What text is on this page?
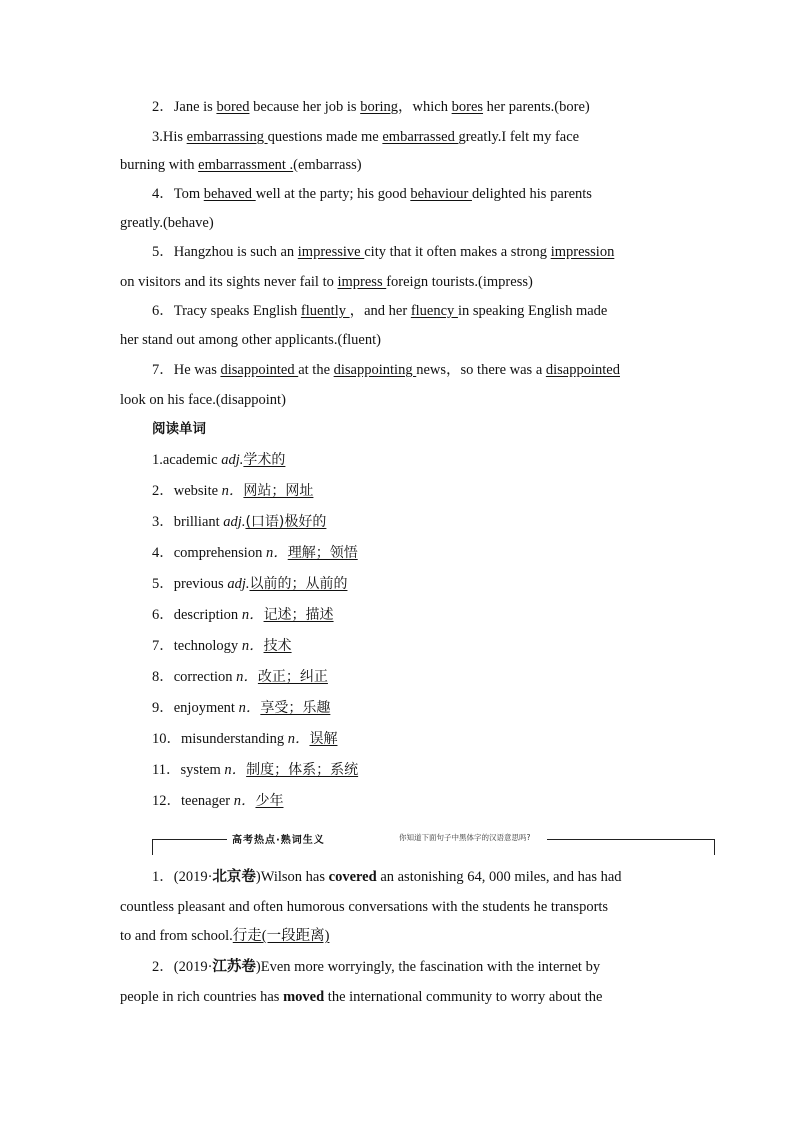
2．Jane is bored because her job is boring，which bores her parents.(bore)
3.His embarrassing questions made me embarrassed greatly.I felt my face
burning with embarrassment .(embarrass)
4．Tom behaved well at the party; his good behaviour delighted his parents
greatly.(behave)
5．Hangzhou is such an impressive city that it often makes a strong impression
on visitors and its sights never fail to impress foreign tourists.(impress)
6．Tracy speaks English fluently ，and her fluency in speaking English made
her stand out among other applicants.(fluent)
7．He was disappointed at the disappointing news，so there was a disappointed
look on his face.(disappoint)
阅读单词
1.academic adj.学术的
2．website n．网站；网址
3．brilliant adj.(口语)极好的
4．comprehension n．理解；领悟
5．previous adj.以前的；从前的
6．description n．记述；描述
7．technology n．技术
8．correction n．改正；纠正
9．enjoyment n．享受；乐趣
10．misunderstanding n．误解
11．system n．制度；体系；系统
12．teenager n．少年
高考热点·熟词生义	你知道下面句子中黑体字的汉语意思吗?
1．(2019·北京卷)Wilson has covered an astonishing 64, 000 miles, and has had
countless pleasant and often humorous conversations with the students he transports
to and from school.行走(一段距离)
2．(2019·江苏卷)Even more worryingly, the fascination with the internet by
people in rich countries has moved the international community to worry about the
